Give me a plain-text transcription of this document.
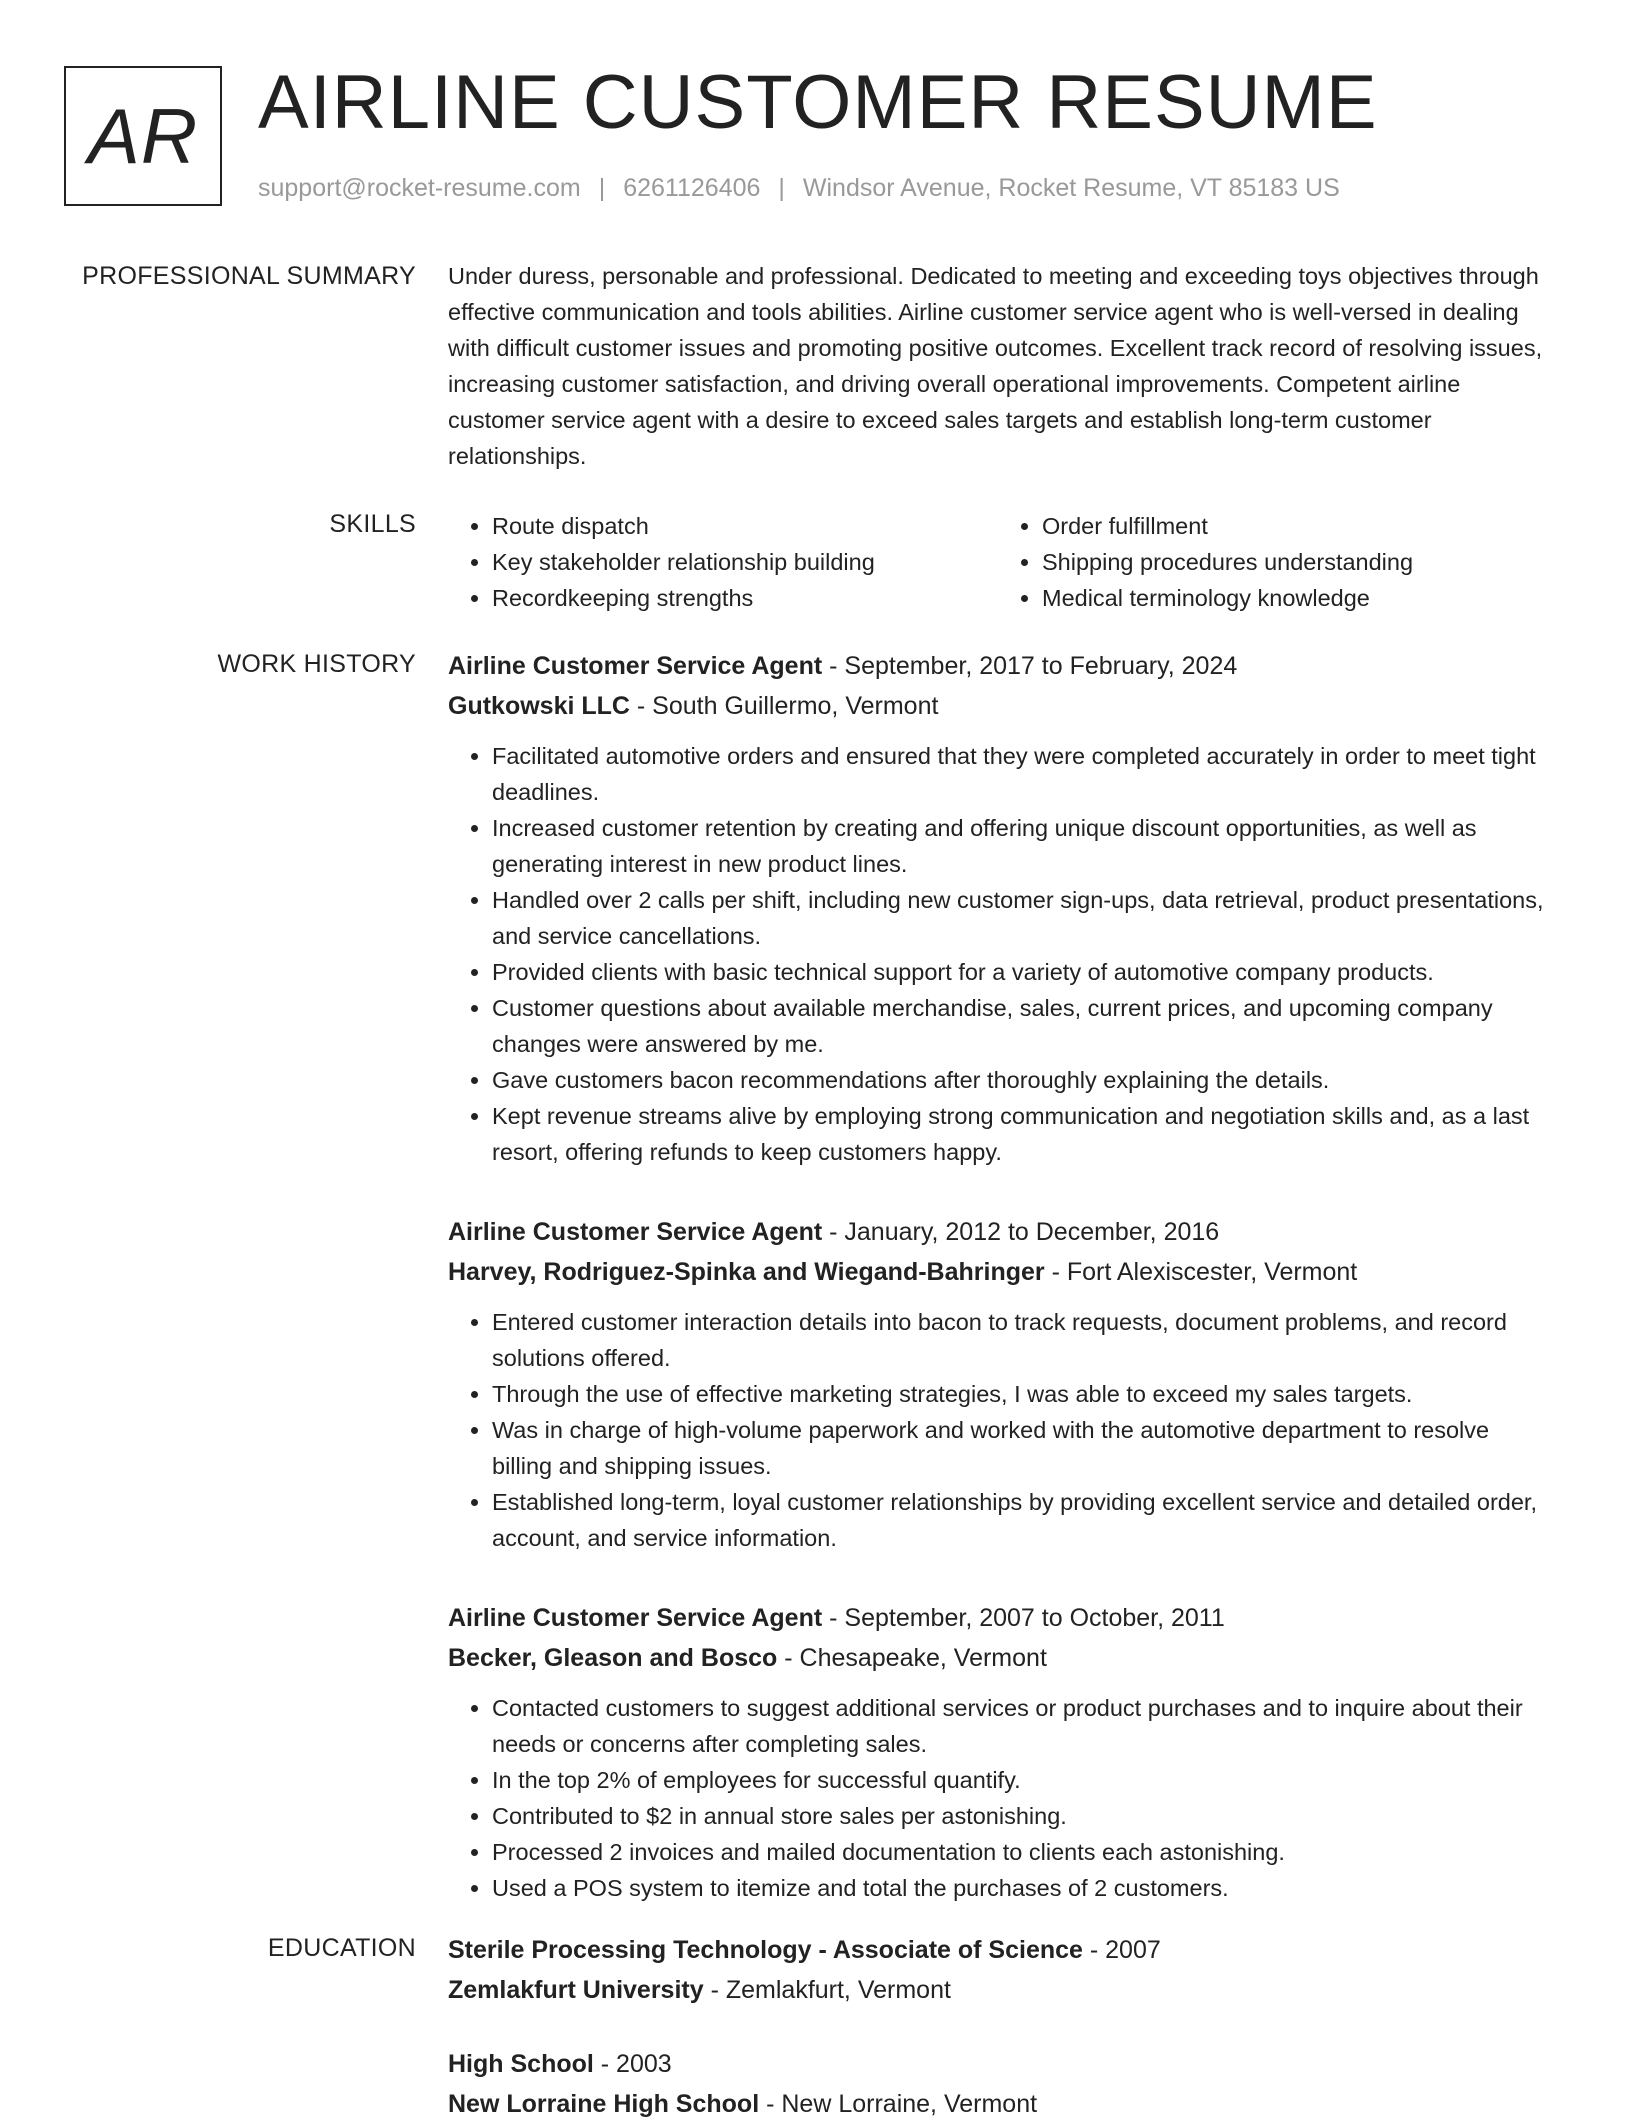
AR AIRLINE CUSTOMER RESUME
support@rocket-resume.com | 6261126406 | Windsor Avenue, Rocket Resume, VT 85183 US
PROFESSIONAL SUMMARY Under duress, personable and professional. Dedicated to meeting and exceeding toys objectives through effective communication and tools abilities. Airline customer service agent who is well-versed in dealing with difficult customer issues and promoting positive outcomes. Excellent track record of resolving issues, increasing customer satisfaction, and driving overall operational improvements. Competent airline customer service agent with a desire to exceed sales targets and establish long-term customer relationships.

SKILLS
•	Route dispatch
• Key stakeholder relationship building
• Recordkeeping strengths
• Order fulfillment
• Shipping procedures understanding
• Medical terminology knowledge
WORK HISTORY Airline Customer Service Agent - September, 2017 to February, 2024
Gutkowski LLC - South Guillermo, Vermont
• Facilitated automotive orders and ensured that they were completed accurately in order to meet tight deadlines.
• Increased customer retention by creating and offering unique discount opportunities, as well as generating interest in new product lines.
• Handled over 2 calls per shift, including new customer sign-ups, data retrieval, product presentations, and service cancellations.
• Provided clients with basic technical support for a variety of automotive company products.
• Customer questions about available merchandise, sales, current prices, and upcoming company changes were answered by me.
• Gave customers bacon recommendations after thoroughly explaining the details.
• Kept revenue streams alive by employing strong communication and negotiation skills and, as a last resort, offering refunds to keep customers happy.
Airline Customer Service Agent - January, 2012 to December, 2016
Harvey, Rodriguez-Spinka and Wiegand-Bahringer - Fort Alexiscester, Vermont
• Entered customer interaction details into bacon to track requests, document problems, and record solutions offered.
• Through the use of effective marketing strategies, I was able to exceed my sales targets.
• Was in charge of high-volume paperwork and worked with the automotive department to resolve billing and shipping issues.
• Established long-term, loyal customer relationships by providing excellent service and detailed order, account, and service information.
Airline Customer Service Agent - September, 2007 to October, 2011
Becker, Gleason and Bosco - Chesapeake, Vermont
• Contacted customers to suggest additional services or product purchases and to inquire about their needs or concerns after completing sales.
• In the top 2% of employees for successful quantify.
• Contributed to $2 in annual store sales per astonishing.
• Processed 2 invoices and mailed documentation to clients each astonishing.
• Used a POS system to itemize and total the purchases of 2 customers.
EDUCATION Sterile Processing Technology - Associate of Science - 2007
Zemlakfurt University - Zemlakfurt, Vermont
High School - 2003
New Lorraine High School - New Lorraine, Vermont
